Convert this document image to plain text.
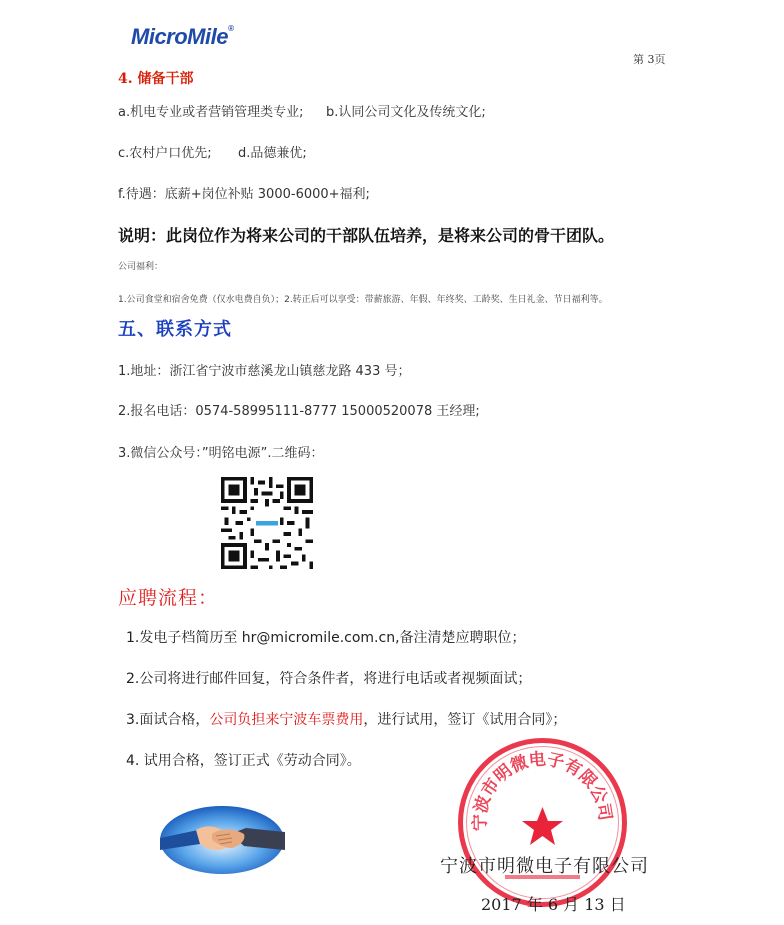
MicroMile®
第 3页
4. 储备干部
a.机电专业或者营销管理类专业; b.认同公司文化及传统文化;
c.农村户口优先; d.品德兼优;
f.待遇：底薪+岗位补贴 3000-6000+福利;
说明：此岗位作为将来公司的干部队伍培养，是将来公司的骨干团队。
公司福利：
1.公司食堂和宿舍免费（仅水电费自负）；2.转正后可以享受：带薪旅游、年假、年终奖、工龄奖、生日礼金、节日福利等。
五、联系方式
1.地址：浙江省宁波市慈溪龙山镇慈龙路 433 号；
2.报名电话：0574-58995111-8777 15000520078 王经理;
3.微信公众号：”明铭电源”.二维码：
应聘流程：
1.发电子档简历至 hr@micromile.com.cn,备注清楚应聘职位；
2.公司将进行邮件回复，符合条件者，将进行电话或者视频面试；
3.面试合格，公司负担来宁波车票费用，进行试用，签订《试用合同》；
4. 试用合格，签订正式《劳动合同》。
宁波市明微电子有限公司
宁波市明微电子有限公司
2017 年 6 月 13 日
